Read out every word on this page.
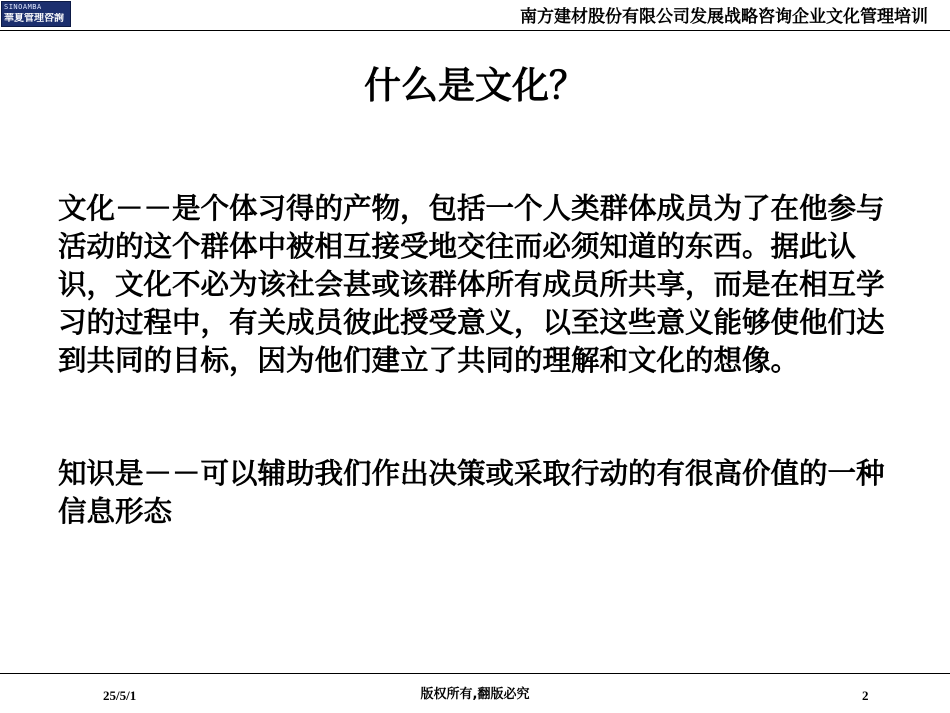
SINOAMBA
華夏管理咨詢	南方建材股份有限公司发展战略咨询企业文化管理培训
什么是文化？

文化－－是个体习得的产物，包括一个人类群体成员为了在他参与活动的这个群体中被相互接受地交往而必须知道的东西。据此认识，文化不必为该社会甚或该群体所有成员所共享，而是在相互学习的过程中，有关成员彼此授受意义，以至这些意义能够使他们达到共同的目标，因为他们建立了共同的理解和文化的想像。

知识是－－可以辅助我们作出决策或采取行动的有很高价值的一种信息形态

25/5/1	版权所有,翻版必究	2
